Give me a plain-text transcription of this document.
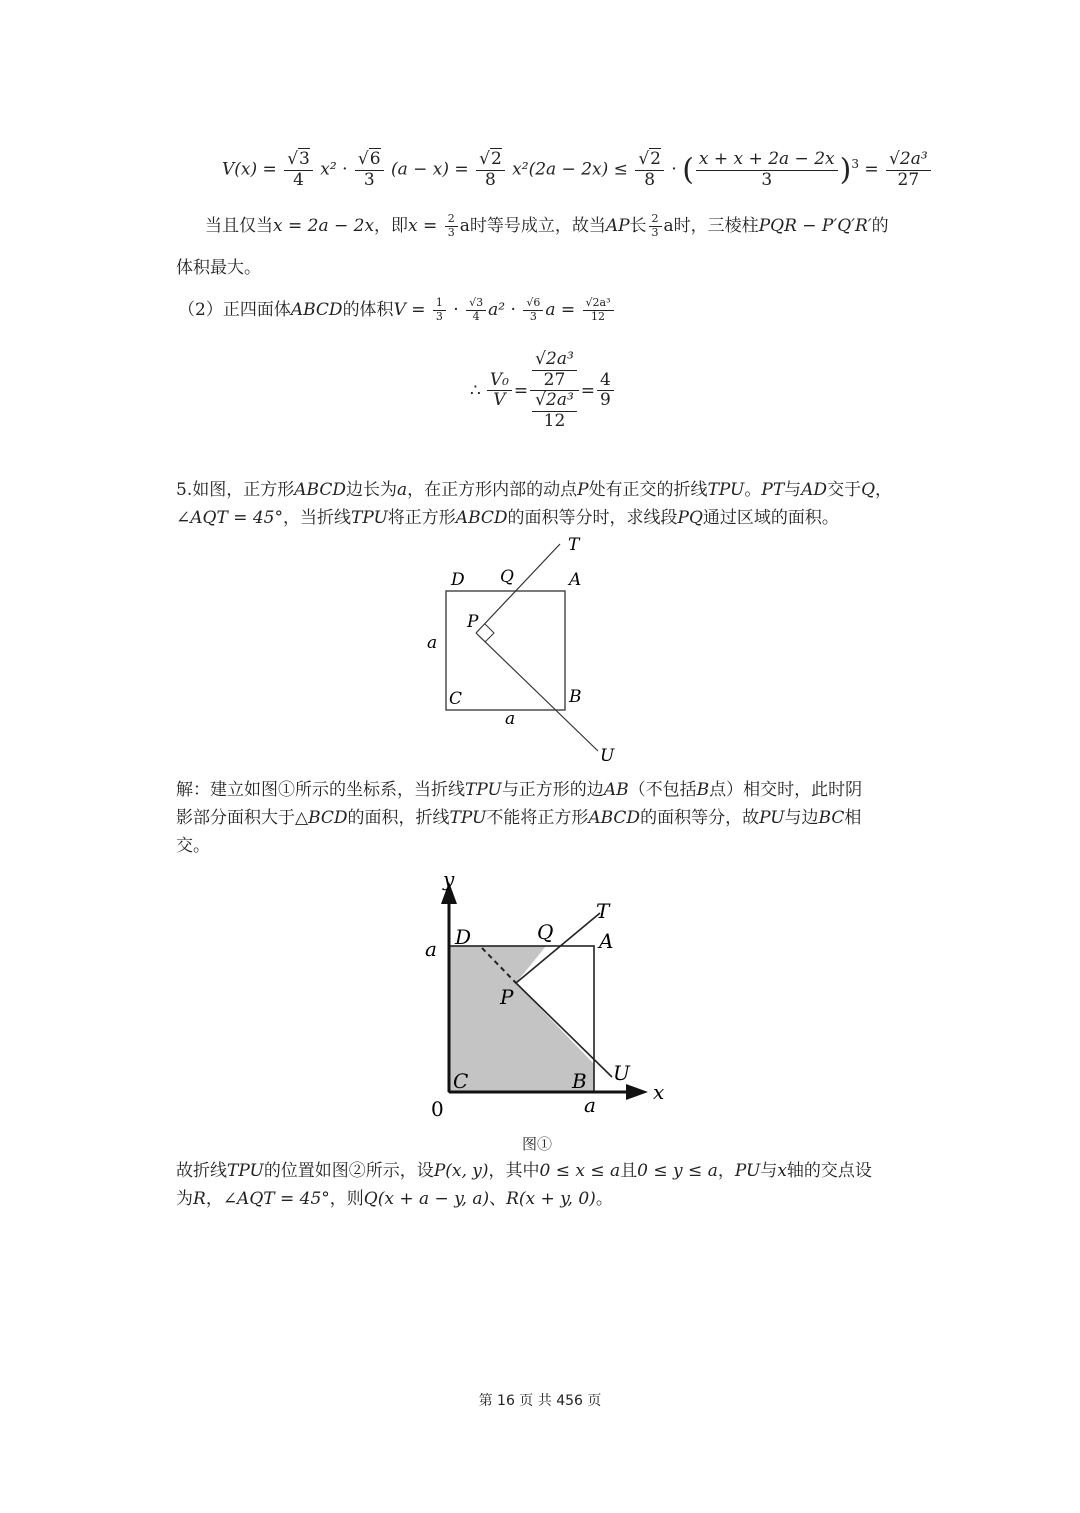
$V(x) = \frac{√3}{4} x^2 \cdot \frac{√6}{3} (a - x) = \frac{√2}{8} x^2(2a - 2x) \le \frac{√2}{8}$ · ( $\frac{x + x + 2a - 2x}{3} )^3 = \frac{\text{√2a³}}{27}$
当且仅当x = 2a − 2x，即$x = \frac{2}{3}$ a时等号成立，故当AP长 $\frac{2}{3}$ a时，三棱柱PQR − P′Q′R′的
体积最大。
（2）正四面体ABCD的体积$V = \frac{1}{3} \cdot \frac{√3}{4} a^2 \cdot \frac{√6}{3}$ $a = \frac{\text{√2a³}}{12}$
∴ $\frac{\text{V₀}}{V} = \frac{\frac{\text{√2a³}}{27}}{\frac{\text{√2a³}}{12}} = \frac{4}{9}$
5.如图，正方形ABCD边长为a，在正方形内部的动点P处有正交的折线TPU。PT与AD交于Q，
∠AQT = 45°，当折线TPU将正方形ABCD的面积等分时，求线段PQ通过区域的面积。
T
D Q	A
P
a
C	B
a
U
解：建立如图①所示的坐标系，当折线TPU与正方形的边AB（不包括B点）相交时，此时阴
影部分面积大于△BCD的面积，折线TPU不能将正方形ABCD的面积等分，故PU与边BC相
交。
y
T
a D	Q A
P
C	B U
0	a
x
图①
故折线TPU的位置如图②所示，设P(x, y)，其中0 ≤ x ≤ a且0 ≤ y ≤ a，PU与x轴的交点设
为R，∠AQT = 45°，则Q(x + a − y, a)、R(x + y, 0)。
第 16 页 共 456 页
